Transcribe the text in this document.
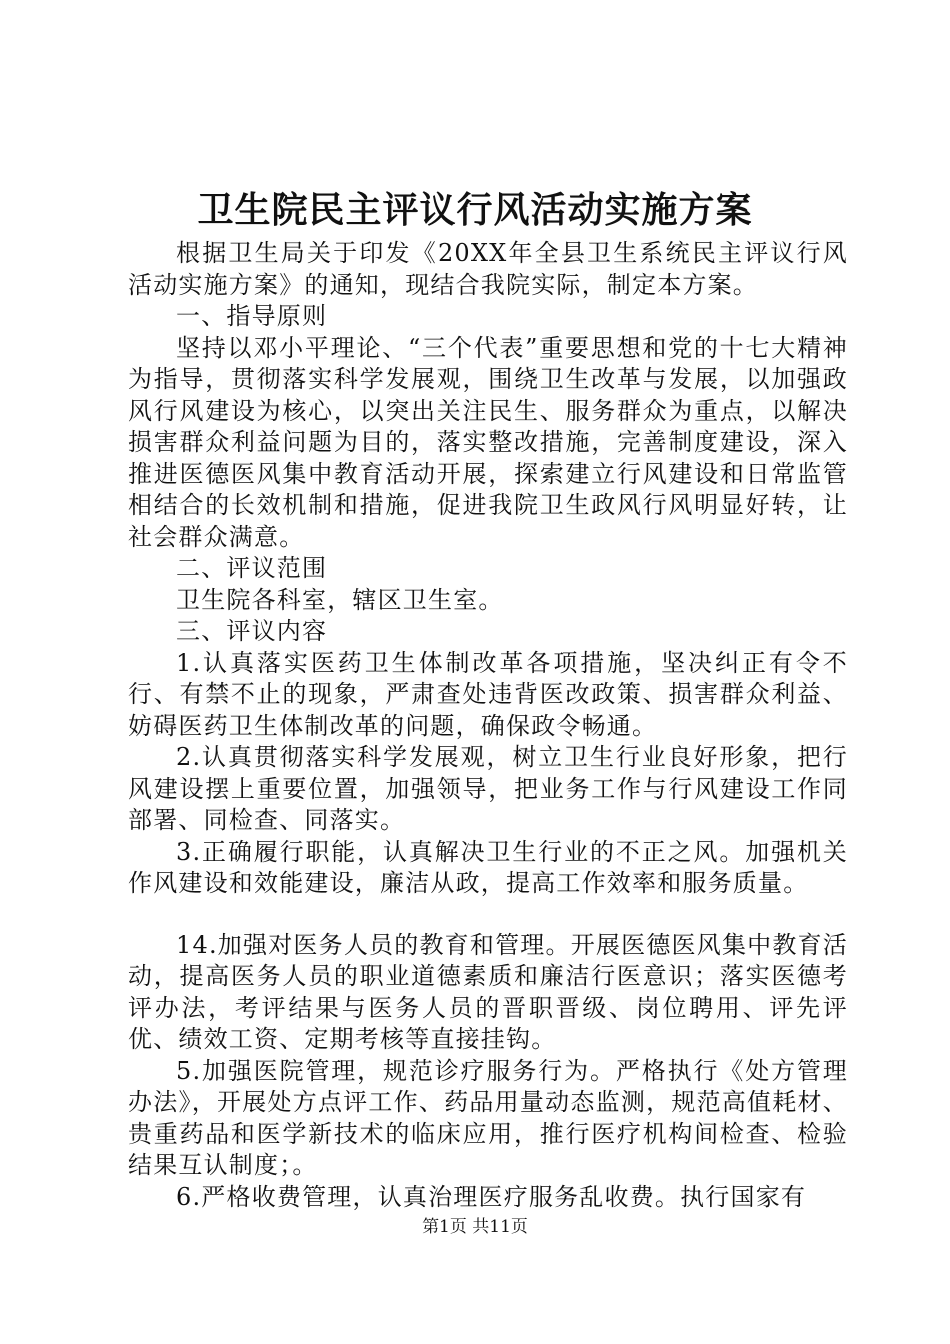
卫生院民主评议行风活动实施方案

根据卫生局关于印发《20XX年全县卫生系统民主评议行风活动实施方案》的通知，现结合我院实际，制定本方案。

一、指导原则

坚持以邓小平理论、“三个代表”重要思想和党的十七大精神为指导，贯彻落实科学发展观，围绕卫生改革与发展，以加强政风行风建设为核心，以突出关注民生、服务群众为重点，以解决损害群众利益问题为目的，落实整改措施，完善制度建设，深入推进医德医风集中教育活动开展，探索建立行风建设和日常监管相结合的长效机制和措施，促进我院卫生政风行风明显好转，让社会群众满意。

二、评议范围

卫生院各科室，辖区卫生室。

三、评议内容

1.认真落实医药卫生体制改革各项措施，坚决纠正有令不行、有禁不止的现象，严肃查处违背医改政策、损害群众利益、妨碍医药卫生体制改革的问题，确保政令畅通。

2.认真贯彻落实科学发展观，树立卫生行业良好形象，把行风建设摆上重要位置，加强领导，把业务工作与行风建设工作同部署、同检查、同落实。

3.正确履行职能，认真解决卫生行业的不正之风。加强机关作风建设和效能建设，廉洁从政，提高工作效率和服务质量。

14.加强对医务人员的教育和管理。开展医德医风集中教育活动，提高医务人员的职业道德素质和廉洁行医意识；落实医德考评办法，考评结果与医务人员的晋职晋级、岗位聘用、评先评优、绩效工资、定期考核等直接挂钩。

5.加强医院管理，规范诊疗服务行为。严格执行《处方管理办法》，开展处方点评工作、药品用量动态监测，规范高值耗材、贵重药品和医学新技术的临床应用，推行医疗机构间检查、检验结果互认制度；。

6.严格收费管理，认真治理医疗服务乱收费。执行国家有

第1页 共11页
